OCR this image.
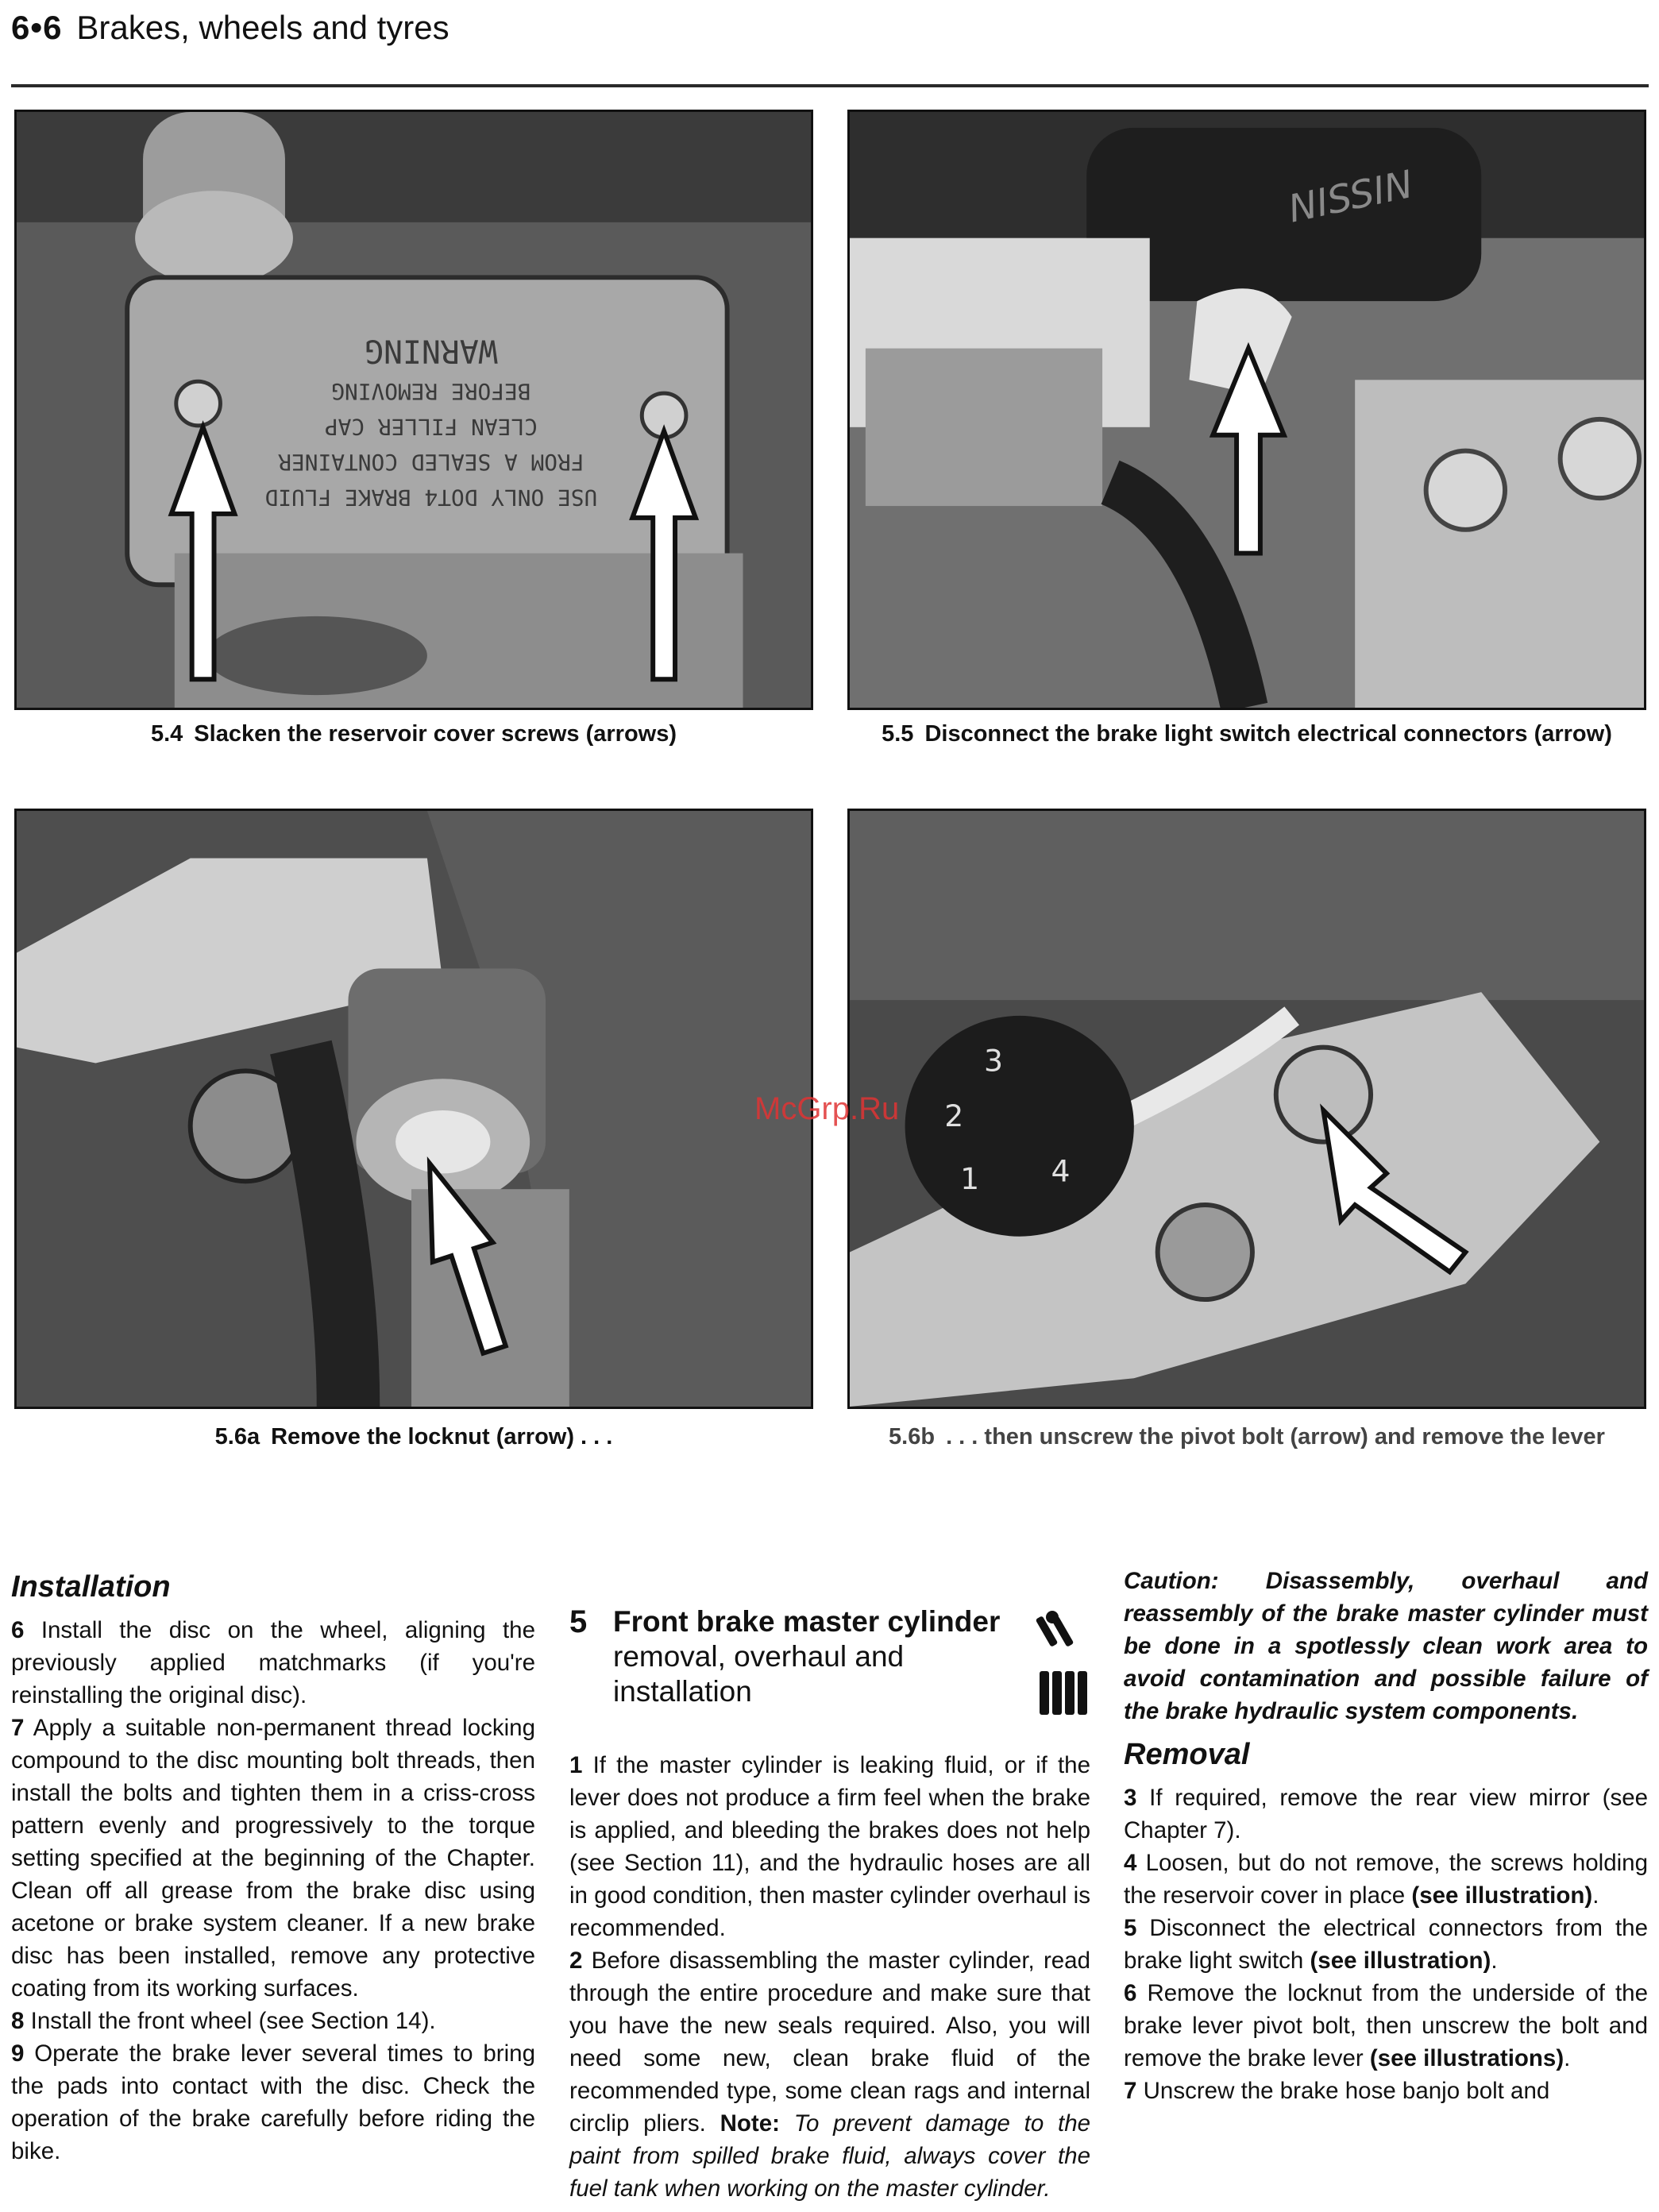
6•6 Brakes, wheels and tyres
USE ONLY DOT4 BRAKE FLUID
FROM A SEALED CONTAINER
CLEAN FILLER CAP
BEFORE REMOVING
WARNING
5.4 Slacken the reservoir cover screws (arrows)
NISSIN
5.5 Disconnect the brake light switch electrical connectors (arrow)
5.6a Remove the locknut (arrow) . . .
1
2
3
4
5.6b . . . then unscrew the pivot bolt (arrow) and remove the lever
McGrp.Ru
Installation

6 Install the disc on the wheel, aligning the previously applied matchmarks (if you're reinstalling the original disc).

7 Apply a suitable non-permanent thread locking compound to the disc mounting bolt threads, then install the bolts and tighten them in a criss-cross pattern evenly and progressively to the torque setting specified at the beginning of the Chapter. Clean off all grease from the brake disc using acetone or brake system cleaner. If a new brake disc has been installed, remove any protective coating from its working surfaces.

8 Install the front wheel (see Section 14).

9 Operate the brake lever several times to bring the pads into contact with the disc. Check the operation of the brake carefully before riding the bike.

5 Front brake master cylinder
removal, overhaul and installation

1 If the master cylinder is leaking fluid, or if the lever does not produce a firm feel when the brake is applied, and bleeding the brakes does not help (see Section 11), and the hydraulic hoses are all in good condition, then master cylinder overhaul is recommended.

2 Before disassembling the master cylinder, read through the entire procedure and make sure that you have the new seals required. Also, you will need some new, clean brake fluid of the recommended type, some clean rags and internal circlip pliers. Note: To prevent damage to the paint from spilled brake fluid, always cover the fuel tank when working on the master cylinder.

Caution: Disassembly, overhaul and reassembly of the brake master cylinder must be done in a spotlessly clean work area to avoid contamination and possible failure of the brake hydraulic system components.

Removal

3 If required, remove the rear view mirror (see Chapter 7).

4 Loosen, but do not remove, the screws holding the reservoir cover in place (see illustration).

5 Disconnect the electrical connectors from the brake light switch (see illustration).

6 Remove the locknut from the underside of the brake lever pivot bolt, then unscrew the bolt and remove the brake lever (see illustrations).

7 Unscrew the brake hose banjo bolt and
